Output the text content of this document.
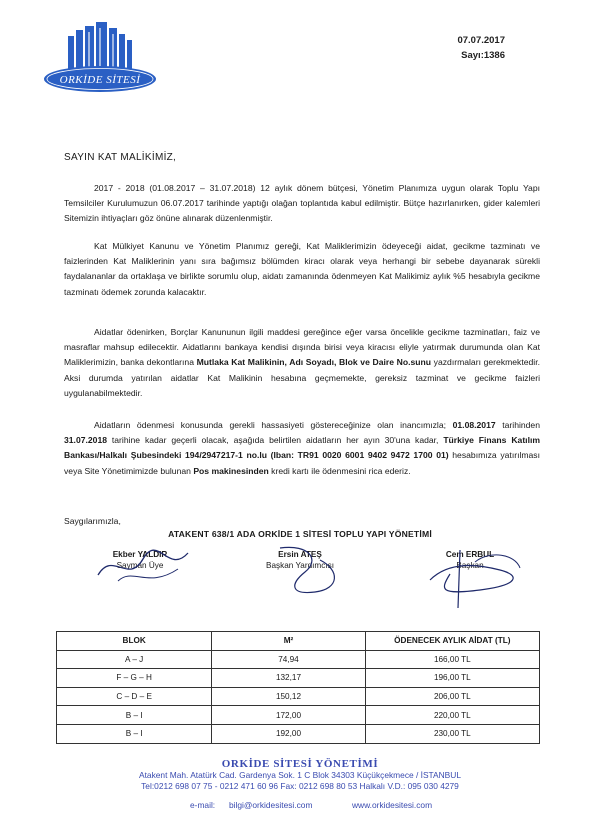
ORKİDE SİTESİ
07.07.2017
Sayı:1386
SAYIN KAT MALİKİMİZ,

2017 - 2018 (01.08.2017 – 31.07.2018) 12 aylık dönem bütçesi, Yönetim Planımıza uygun olarak Toplu Yapı Temsilciler Kurulumuzun 06.07.2017 tarihinde yaptığı olağan toplantıda kabul edilmiştir. Bütçe hazırlanırken, gider kalemleri Sitemizin ihtiyaçları göz önüne alınarak düzenlenmiştir.

Kat Mülkiyet Kanunu ve Yönetim Planımız gereği, Kat Maliklerimizin ödeyeceği aidat, gecikme tazminatı ve faizlerinden Kat Maliklerinin yanı sıra bağımsız bölümden kiracı olarak veya herhangi bir sebebe dayanarak sürekli faydalananlar da ortaklaşa ve birlikte sorumlu olup, aidatı zamanında ödenmeyen Kat Malikimiz aylık %5 hesabıyla gecikme tazminatı ödemek zorunda kalacaktır.

Aidatlar ödenirken, Borçlar Kanununun ilgili maddesi gereğince eğer varsa öncelikle gecikme tazminatları, faiz ve masraflar mahsup edilecektir. Aidatlarını bankaya kendisi dışında birisi veya kiracısı eliyle yatırmak durumunda olan Kat Maliklerimizin, banka dekontlarına Mutlaka Kat Malikinin, Adı Soyadı, Blok ve Daire No.sunu yazdırmaları gerekmektedir. Aksi durumda yatırılan aidatlar Kat Malikinin hesabına geçmemekte, gereksiz tazminat ve gecikme faizleri uygulanabilmektedir.

Aidatların ödenmesi konusunda gerekli hassasiyeti göstereceğinize olan inancımızla; 01.08.2017 tarihinden 31.07.2018 tarihine kadar geçerli olacak, aşağıda belirtilen aidatların her ayın 30'una kadar, Türkiye Finans Katılım Bankası/Halkalı Şubesindeki 194/2947217-1 no.lu (Iban: TR91 0020 6001 9402 9472 1700 01) hesabımıza yatırılması veya Site Yönetimimizde bulunan Pos makinesinden kredi kartı ile ödenmesini rica ederiz.

Saygılarımızla,
ATAKENT 638/1 ADA ORKİDE 1 SİTESİ TOPLU YAPI YÖNETİMİ
Ekber YALDIR
Sayman Üye
Ersin ATEŞ
Başkan Yardımcısı
Cem ERBUL
Başkan
BLOK	M²	ÖDENECEK AYLIK AİDAT (TL)
A – J	74,94	166,00 TL
F – G – H	132,17	196,00 TL
C – D – E	150,12	206,00 TL
B – I	172,00	220,00 TL
B – I	192,00	230,00 TL
ORKİDE SİTESİ YÖNETİMİ
Atakent Mah. Atatürk Cad. Gardenya Sok. 1 C Blok 34303 Küçükçekmece / İSTANBUL
Tel:0212 698 07 75 - 0212 471 60 96 Fax: 0212 698 80 53 Halkalı V.D.: 095 030 4279
e-mail: bilgi@orkidesitesi.com	www.orkidesitesi.com
